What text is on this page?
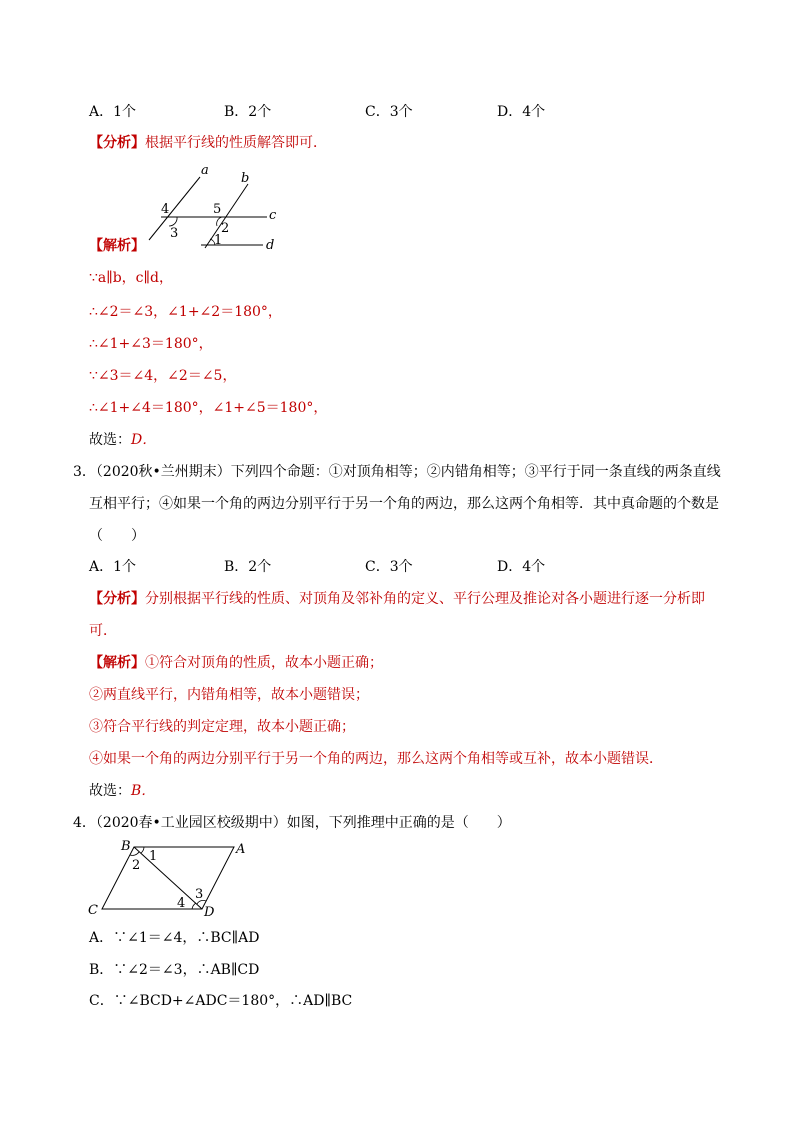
A．1个	B．2个	C．3个	D．4个
【分析】根据平行线的性质解答即可．
a
b
c
d
4
3
5
2
1
【解析】
∵a∥b，c∥d，
∴∠2＝∠3，∠1+∠2＝180°，
∴∠1+∠3＝180°，
∵∠3＝∠4，∠2＝∠5，
∴∠1+∠4＝180°，∠1+∠5＝180°，
故选：D．
3．（2020秋•兰州期末）下列四个命题：①对顶角相等；②内错角相等；③平行于同一条直线的两条直线
互相平行；④如果一个角的两边分别平行于另一个角的两边，那么这两个角相等．其中真命题的个数是
（　　）
A．1个	B．2个	C．3个	D．4个
【分析】分别根据平行线的性质、对顶角及邻补角的定义、平行公理及推论对各小题进行逐一分析即
可．
【解析】①符合对顶角的性质，故本小题正确；
②两直线平行，内错角相等，故本小题错误；
③符合平行线的判定定理，故本小题正确；
④如果一个角的两边分别平行于另一个角的两边，那么这两个角相等或互补，故本小题错误．
故选：B．
4．（2020春•工业园区校级期中）如图，下列推理中正确的是（　　）
B	A
C	D
1
2
3
4
A．∵∠1＝∠4，∴BC∥AD
B．∵∠2＝∠3，∴AB∥CD
C．∵∠BCD+∠ADC＝180°，∴AD∥BC
